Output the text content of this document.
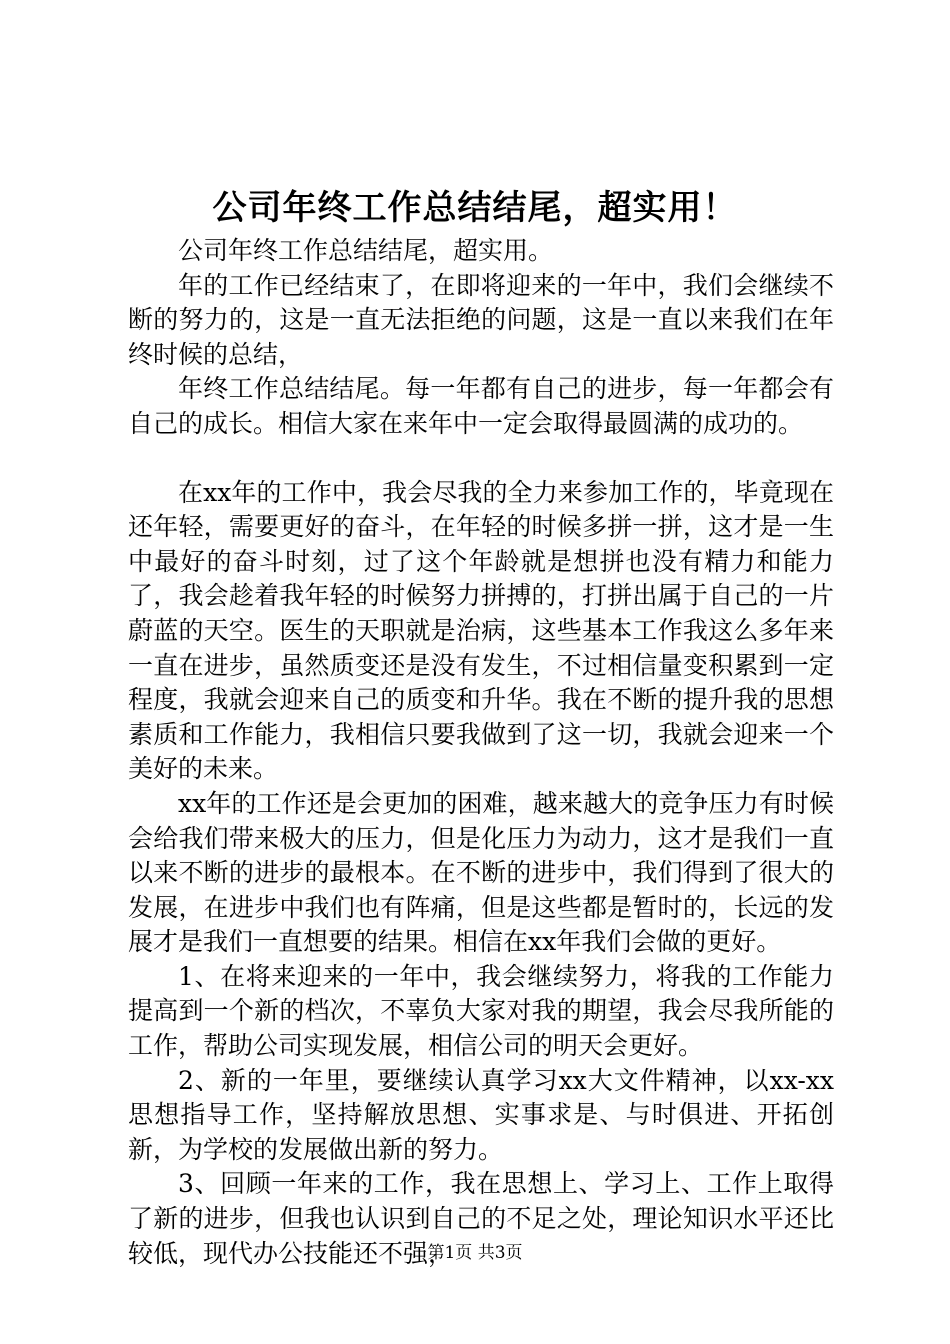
公司年终工作总结结尾，超实用！

公司年终工作总结结尾，超实用。

年的工作已经结束了，在即将迎来的一年中，我们会继续不断的努力的，这是一直无法拒绝的问题，这是一直以来我们在年终时候的总结，

年终工作总结结尾。每一年都有自己的进步，每一年都会有自己的成长。相信大家在来年中一定会取得最圆满的成功的。

在xx年的工作中，我会尽我的全力来参加工作的，毕竟现在还年轻，需要更好的奋斗，在年轻的时候多拼一拼，这才是一生中最好的奋斗时刻，过了这个年龄就是想拼也没有精力和能力了，我会趁着我年轻的时候努力拼搏的，打拼出属于自己的一片蔚蓝的天空。医生的天职就是治病，这些基本工作我这么多年来一直在进步，虽然质变还是没有发生，不过相信量变积累到一定程度，我就会迎来自己的质变和升华。我在不断的提升我的思想素质和工作能力，我相信只要我做到了这一切，我就会迎来一个美好的未来。

xx年的工作还是会更加的困难，越来越大的竞争压力有时候会给我们带来极大的压力，但是化压力为动力，这才是我们一直以来不断的进步的最根本。在不断的进步中，我们得到了很大的发展，在进步中我们也有阵痛，但是这些都是暂时的，长远的发展才是我们一直想要的结果。相信在xx年我们会做的更好。

1、在将来迎来的一年中，我会继续努力，将我的工作能力提高到一个新的档次，不辜负大家对我的期望，我会尽我所能的工作，帮助公司实现发展，相信公司的明天会更好。

2、新的一年里，要继续认真学习xx大文件精神，以xx-xx思想指导工作，坚持解放思想、实事求是、与时俱进、开拓创新，为学校的发展做出新的努力。

3、回顾一年来的工作，我在思想上、学习上、工作上取得了新的进步，但我也认识到自己的不足之处，理论知识水平还比较低，现代办公技能还不强，

第1页 共3页
